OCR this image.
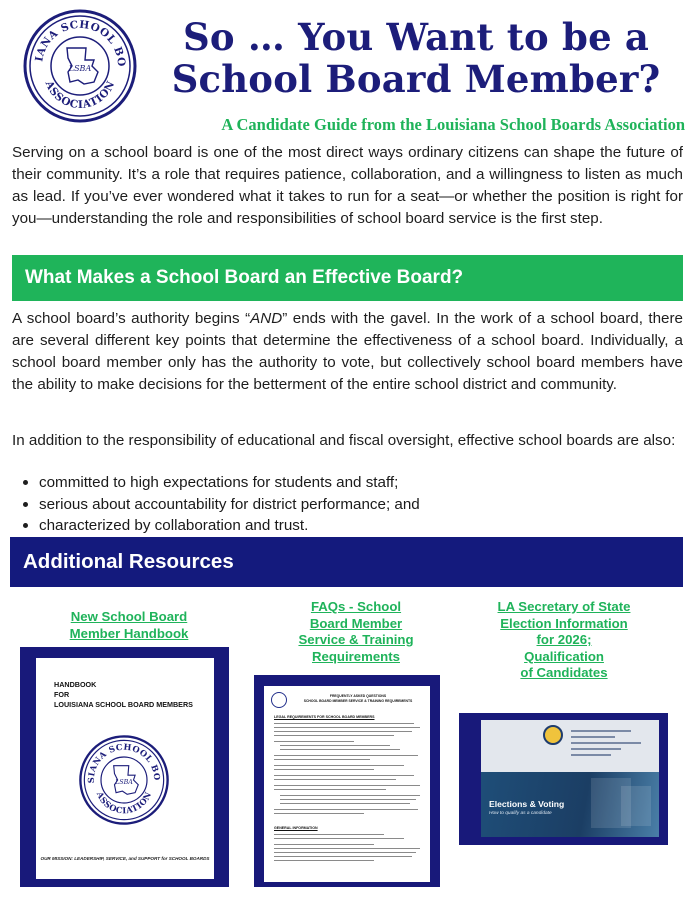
IANA SCHOOL BO
ASSOCIATION
LSBA
So … You Want to be a
School Board Member?
A Candidate Guide from the Louisiana School Boards Association

Serving on a school board is one of the most direct ways ordinary citizens can shape the future of their community. It’s a role that requires patience, collaboration, and a willingness to listen as much as lead. If you’ve ever wondered what it takes to run for a seat—or whether the position is right for you—understanding the role and responsibilities of school board service is the first step.

What Makes a School Board an Effective Board?

A school board’s authority begins “AND” ends with the gavel. In the work of a school board, there are several different key points that determine the effectiveness of a school board. Individually, a school board member only has the authority to vote, but collectively school board members have the ability to make decisions for the betterment of the entire school district and community.

In addition to the responsibility of educational and fiscal oversight, effective school boards are also:

committed to high expectations for students and staff;
serious about accountability for district performance; and
characterized by collaboration and trust.
Additional Resources
New School Board
Member Handbook
HANDBOOK
FOR
LOUISIANA SCHOOL BOARD MEMBERS
SIANA SCHOOL BO
ASSOCIATION
LSBA
OUR MISSION: LEADERSHIP, SERVICE, and SUPPORT for SCHOOL BOARDS
FAQs - School
Board Member
Service & Training
Requirements
FREQUENTLY ASKED QUESTIONS
SCHOOL BOARD MEMBER SERVICE & TRAINING REQUIREMENTS
LEGAL REQUIREMENTS FOR SCHOOL BOARD MEMBERS
GENERAL INFORMATION
LA Secretary of State
Election Information
for 2026;
Qualification
of Candidates
Elections & Voting
How to qualify as a candidate
